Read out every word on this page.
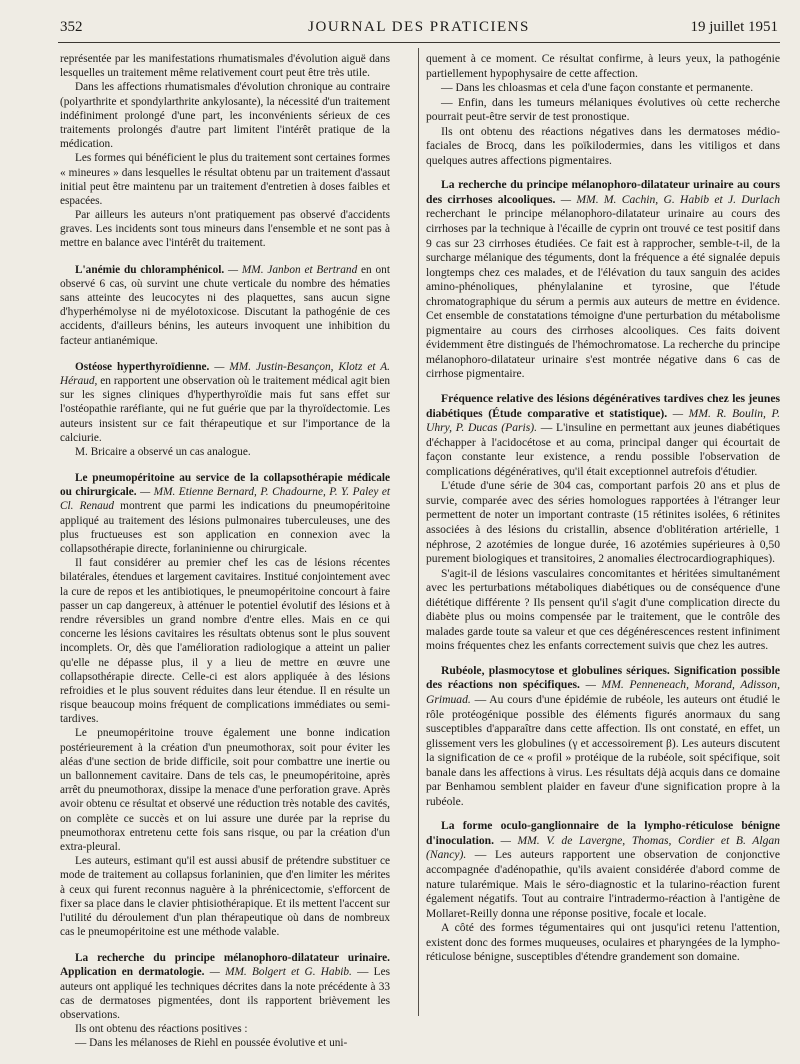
352	JOURNAL DES PRATICIENS	19 juillet 1951

représentée par les manifestations rhumatismales d'évolution aiguë dans lesquelles un traitement même relativement court peut être très utile.

Dans les affections rhumatismales d'évolution chronique au contraire (polyarthrite et spondylarthrite ankylosante), la nécessité d'un traitement indéfiniment prolongé d'une part, les inconvénients sérieux de ces traitements prolongés d'autre part limitent l'intérêt pratique de la médication.

Les formes qui bénéficient le plus du traitement sont certaines formes « mineures » dans lesquelles le résultat obtenu par un traitement d'assaut initial peut être maintenu par un traitement d'entretien à doses faibles et espacées.

Par ailleurs les auteurs n'ont pratiquement pas observé d'accidents graves. Les incidents sont tous mineurs dans l'ensemble et ne sont pas à mettre en balance avec l'intérêt du traitement.

L'anémie du chloramphénicol. — MM. Janbon et Bertrand en ont observé 6 cas, où survint une chute verticale du nombre des hématies sans atteinte des leucocytes ni des plaquettes, sans aucun signe d'hyperhémolyse ni de myélotoxicose. Discutant la pathogénie de ces accidents, d'ailleurs bénins, les auteurs invoquent une inhibition du facteur antianémique.

Ostéose hyperthyroïdienne. — MM. Justin-Besançon, Klotz et A. Héraud, en rapportent une observation où le traitement médical agit bien sur les signes cliniques d'hyperthyroïdie mais fut sans effet sur l'ostéopathie raréfiante, qui ne fut guérie que par la thyroïdectomie. Les auteurs insistent sur ce fait thérapeutique et sur l'importance de la calciurie.

M. Bricaire a observé un cas analogue.

Le pneumopéritoine au service de la collapsothérapie médicale ou chirurgicale. — MM. Etienne Bernard, P. Chadourne, P. Y. Paley et Cl. Renaud montrent que parmi les indications du pneumopéritoine appliqué au traitement des lésions pulmonaires tuberculeuses, une des plus fructueuses est son application en connexion avec la collapsothérapie directe, forlaninienne ou chirurgicale.

Il faut considérer au premier chef les cas de lésions récentes bilatérales, étendues et largement cavitaires. Institué conjointement avec la cure de repos et les antibiotiques, le pneumopéritoine concourt à faire passer un cap dangereux, à atténuer le potentiel évolutif des lésions et à rendre réversibles un grand nombre d'entre elles. Mais en ce qui concerne les lésions cavitaires les résultats obtenus sont le plus souvent incomplets. Or, dès que l'amélioration radiologique a atteint un palier qu'elle ne dépasse plus, il y a lieu de mettre en œuvre une collapsothérapie directe. Celle-ci est alors appliquée à des lésions refroidies et le plus souvent réduites dans leur étendue. Il en résulte un risque beaucoup moins fréquent de complications immédiates ou semi-tardives.

Le pneumopéritoine trouve également une bonne indication postérieurement à la création d'un pneumothorax, soit pour éviter les aléas d'une section de bride difficile, soit pour combattre une inertie ou un ballonnement cavitaire. Dans de tels cas, le pneumopéritoine, après arrêt du pneumothorax, dissipe la menace d'une perforation grave. Après avoir obtenu ce résultat et observé une réduction très notable des cavités, on complète ce succès et on lui assure une durée par la reprise du pneumothorax entretenu cette fois sans risque, ou par la création d'un extra-pleural.

Les auteurs, estimant qu'il est aussi abusif de prétendre substituer ce mode de traitement au collapsus forlaninien, que d'en limiter les mérites à ceux qui furent reconnus naguère à la phrénicectomie, s'efforcent de fixer sa place dans le clavier phtisiothérapique. Et ils mettent l'accent sur l'utilité du déroulement d'un plan thérapeutique où dans de nombreux cas le pneumopéritoine est une méthode valable.

La recherche du principe mélanophoro-dilatateur urinaire. Application en dermatologie. — MM. Bolgert et G. Habib. — Les auteurs ont appliqué les techniques décrites dans la note précédente à 33 cas de dermatoses pigmentées, dont ils rapportent brièvement les observations.

Ils ont obtenu des réactions positives :

— Dans les mélanoses de Riehl en poussée évolutive et uni-

quement à ce moment. Ce résultat confirme, à leurs yeux, la pathogénie partiellement hypophysaire de cette affection.

— Dans les chloasmas et cela d'une façon constante et permanente.

— Enfin, dans les tumeurs mélaniques évolutives où cette recherche pourrait peut-être servir de test pronostique.

Ils ont obtenu des réactions négatives dans les dermatoses médio-faciales de Brocq, dans les poïkilodermies, dans les vitiligos et dans quelques autres affections pigmentaires.

La recherche du principe mélanophoro-dilatateur urinaire au cours des cirrhoses alcooliques. — MM. M. Cachin, G. Habib et J. Durlach recherchant le principe mélanophoro-dilatateur urinaire au cours des cirrhoses par la technique à l'écaille de cyprin ont trouvé ce test positif dans 9 cas sur 23 cirrhoses étudiées. Ce fait est à rapprocher, semble-t-il, de la surcharge mélanique des téguments, dont la fréquence a été signalée depuis longtemps chez ces malades, et de l'élévation du taux sanguin des acides amino-phénoliques, phénylalanine et tyrosine, que l'étude chromatographique du sérum a permis aux auteurs de mettre en évidence. Cet ensemble de constatations témoigne d'une perturbation du métabolisme pigmentaire au cours des cirrhoses alcooliques. Ces faits doivent évidemment être distingués de l'hémochromatose. La recherche du principe mélanophoro-dilatateur urinaire s'est montrée négative dans 6 cas de cirrhose pigmentaire.

Fréquence relative des lésions dégénératives tardives chez les jeunes diabétiques (Étude comparative et statistique). — MM. R. Boulin, P. Uhry, P. Ducas (Paris). — L'insuline en permettant aux jeunes diabétiques d'échapper à l'acidocétose et au coma, principal danger qui écourtait de façon constante leur existence, a rendu possible l'observation de complications dégénératives, qu'il était exceptionnel autrefois d'étudier.

L'étude d'une série de 304 cas, comportant parfois 20 ans et plus de survie, comparée avec des séries homologues rapportées à l'étranger leur permettent de noter un important contraste (15 rétinites isolées, 6 rétinites associées à des lésions du cristallin, absence d'oblitération artérielle, 1 néphrose, 2 azotémies de longue durée, 16 azotémies supérieures à 0,50 purement biologiques et transitoires, 2 anomalies électrocardiographiques).

S'agit-il de lésions vasculaires concomitantes et héritées simultanément avec les perturbations métaboliques diabétiques ou de conséquence d'une diététique différente ? Ils pensent qu'il s'agit d'une complication directe du diabète plus ou moins compensée par le traitement, que le contrôle des malades garde toute sa valeur et que ces dégénérescences restent infiniment moins fréquentes chez les enfants correctement suivis que chez les autres.

Rubéole, plasmocytose et globulines sériques. Signification possible des réactions non spécifiques. — MM. Penneneach, Morand, Adisson, Grimuad. — Au cours d'une épidémie de rubéole, les auteurs ont étudié le rôle protéogénique possible des éléments figurés anormaux du sang susceptibles d'apparaître dans cette affection. Ils ont constaté, en effet, un glissement vers les globulines (γ et accessoirement β). Les auteurs discutent la signification de ce « profil » protéique de la rubéole, soit spécifique, soit banale dans les affections à virus. Les résultats déjà acquis dans ce domaine par Benhamou semblent plaider en faveur d'une signification propre à la rubéole.

La forme oculo-ganglionnaire de la lympho-réticulose bénigne d'inoculation. — MM. V. de Lavergne, Thomas, Cordier et B. Algan (Nancy). — Les auteurs rapportent une observation de conjonctive accompagnée d'adénopathie, qu'ils avaient considérée d'abord comme de nature tularémique. Mais le séro-diagnostic et la tularino-réaction furent également négatifs. Tout au contraire l'intradermo-réaction à l'antigène de Mollaret-Reilly donna une réponse positive, focale et locale.

A côté des formes tégumentaires qui ont jusqu'ici retenu l'attention, existent donc des formes muqueuses, oculaires et pharyngées de la lympho-réticulose bénigne, susceptibles d'étendre grandement son domaine.
